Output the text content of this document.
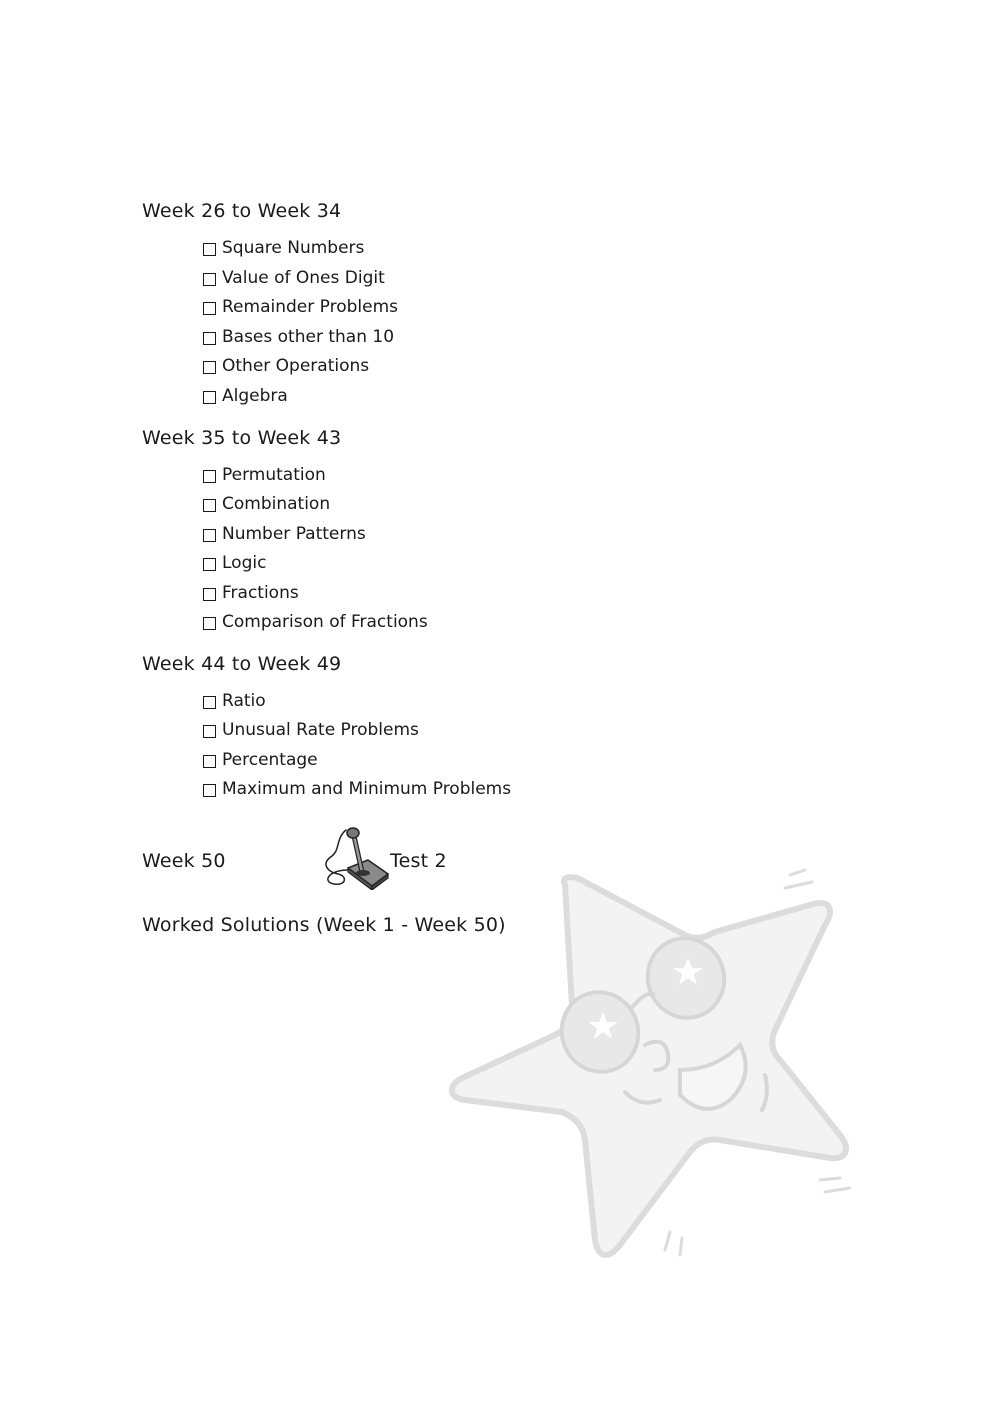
Week 26 to Week 34
Square Numbers
Value of Ones Digit
Remainder Problems
Bases other than 10
Other Operations
Algebra
Week 35 to Week 43
Permutation
Combination
Number Patterns
Logic
Fractions
Comparison of Fractions
Week 44 to Week 49
Ratio
Unusual Rate Problems
Percentage
Maximum and Minimum Problems
Week 50	Test 2
Worked Solutions (Week 1 - Week 50)
